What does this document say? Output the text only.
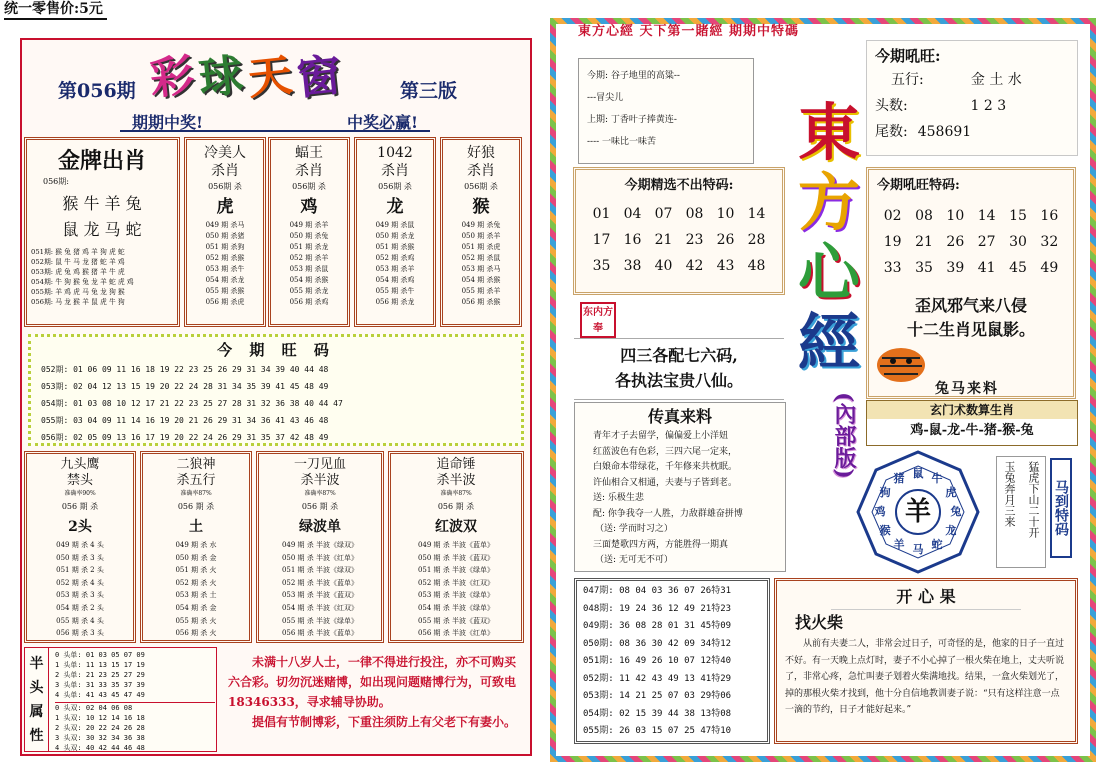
统一零售价:5元
第056期 彩 球 天 窗	第三版
期期中奖!	中奖必赢!
金牌出肖
056期:
猴 牛 羊 兔
鼠 龙 马 蛇
051期: 猴 兔 猪 鸡 羊 狗 虎 蛇
052期: 鼠 牛 马 龙 猪 蛇 羊 鸡
053期: 虎 兔 鸡 猴 猪 羊 牛 虎
054期: 牛 狗 猴 兔 龙 羊 蛇 虎 鸡
055期: 羊 鸡 虎 马 兔 龙 狗 猴
056期: 马 龙 猴 羊 鼠 虎 牛 狗
冷美人
杀肖
056期 杀
虎
049 期 杀马
050 期 杀猪
051 期 杀狗
052 期 杀猴
053 期 杀牛
054 期 杀龙
055 期 杀猴
056 期 杀虎
蝠王
杀肖
056期 杀
鸡
049 期 杀羊
050 期 杀兔
051 期 杀龙
052 期 杀羊
053 期 杀鼠
054 期 杀猴
055 期 杀龙
056 期 杀鸡
1042
杀肖
056期 杀
龙
049 期 杀鼠
050 期 杀龙
051 期 杀猴
052 期 杀鸡
053 期 杀羊
054 期 杀鸡
055 期 杀牛
056 期 杀龙
好狼
杀肖
056期 杀
猴
049 期 杀兔
050 期 杀羊
051 期 杀虎
052 期 杀鼠
053 期 杀马
054 期 杀猴
055 期 杀羊
056 期 杀猴
今 期 旺 码
052期: 01 06 09 11 16 18 19 22 23 25 26 29 31 34 39 40 44 48
053期: 02 04 12 13 15 19 20 22 24 28 31 34 35 39 41 45 48 49
054期: 01 03 08 10 12 17 21 22 23 25 27 28 31 32 36 38 40 44 47
055期: 03 04 09 11 14 16 19 20 21 26 29 31 34 36 41 43 46 48
056期: 02 05 09 13 16 17 19 20 22 24 26 29 31 35 37 42 48 49
九头鹰
禁头
准确率90%
056 期 杀
2头
049 期 杀 4 头
050 期 杀 3 头
051 期 杀 2 头
052 期 杀 4 头
053 期 杀 3 头
054 期 杀 2 头
055 期 杀 4 头
056 期 杀 3 头
二狼神
杀五行
准确率87%
056 期 杀
土
049 期 杀 水
050 期 杀 金
051 期 杀 火
052 期 杀 火
053 期 杀 土
054 期 杀 金
055 期 杀 火
056 期 杀 火
一刀见血
杀半波
准确率87%
056 期 杀
绿波单
049 期 杀 半波《绿双》
050 期 杀 半波《红单》
051 期 杀 半波《绿双》
052 期 杀 半波《蓝单》
053 期 杀 半波《蓝双》
054 期 杀 半波《红双》
055 期 杀 半波《绿单》
056 期 杀 半波《蓝单》
追命锤
杀半波
准确率87%
056 期 杀
红波双
049 期 杀 半波《蓝单》
050 期 杀 半波《蓝双》
051 期 杀 半波《绿单》
052 期 杀 半波《红双》
053 期 杀 半波《绿单》
054 期 杀 半波《绿单》
055 期 杀 半波《蓝双》
056 期 杀 半波《红单》
半
头
属
性
0 头单: 01 03 05 07 09
1 头单: 11 13 15 17 19
2 头单: 21 23 25 27 29
3 头单: 31 33 35 37 39
4 头单: 41 43 45 47 49
0 头双: 02 04 06 08
1 头双: 10 12 14 16 18
2 头双: 20 22 24 26 28
3 头双: 30 32 34 36 38
4 头双: 40 42 44 46 48
未满十八岁人士，一律不得进行投注，亦不可购买六合彩。切勿沉迷赌博，如出现问题赌博行为，可致电18346333，寻求辅导协助。
提倡有节制博彩，下重注须防上有父老下有妻小。
東方心經 天下第一賭經 期期中特碼
今期: 谷子地里的高粱--
---冒尖儿
上期: 丁香叶子捧黄连-
---- 一味比一味苦	東
方
心
經
(內部版)
今期吼旺:
五行:	金 土 水
头数:	1 2 3
尾数: 458691
今期精选不出特码:
01 04 07 08 10 14
17 16 21 23 26 28
35 38 40 42 43 48
今期吼旺特码:
02 08 10 14 15 16
19 21 26 27 30 32
33 35 39 41 45 49
歪风邪气来八侵
十二生肖见鼠影。
东内方奉
四三各配七六码,
各执法宝贵八仙。	兔马来料
玄门术数算生肖
鸡-鼠-龙-牛-猪-猴-兔
传真来料
青年才子去留学，偏偏爱上小洋妞
红蓝波色有色彩，三四六尾一定来，
白娘命本带绿花，千年修来共枕眠。
许仙相合又相通，夫妻与子皆到老。
送: 乐极生悲
配: 你争我夺一人胜，力敌群雄奋拼博
（送: 学而时习之）
三面楚歌四方两，方能胜得一期真
（送: 无可无不可）
羊
鼠 牛
虎
兔
龙
蛇
马
羊
猴
鸡
狗
猪	猛虎下山二十开
玉兔奔月三来	马到特码
047期: 08 04 03 36 07 26特31
048期: 19 24 36 12 49 21特23
049期: 36 08 28 01 31 45特09
050期: 08 36 30 42 09 34特12
051期: 16 49 26 10 07 12特40
052期: 11 42 43 49 13 41特29
053期: 14 21 25 07 03 29特06
054期: 02 15 39 44 38 13特08
055期: 26 03 15 07 25 47特10
开 心 果
找火柴
从前有夫妻二人，非常会过日子，可奇怪的是，他家的日子一直过不好。有一天晚上点灯时，妻子不小心掉了一根火柴在地上，丈夫听说了，非常心疼，急忙叫妻子划着火柴满地找。结果，一盒火柴划光了，掉的那根火柴才找到，他十分自信地教训妻子说：“只有这样注意一点一滴的节约，日子才能好起来。”
